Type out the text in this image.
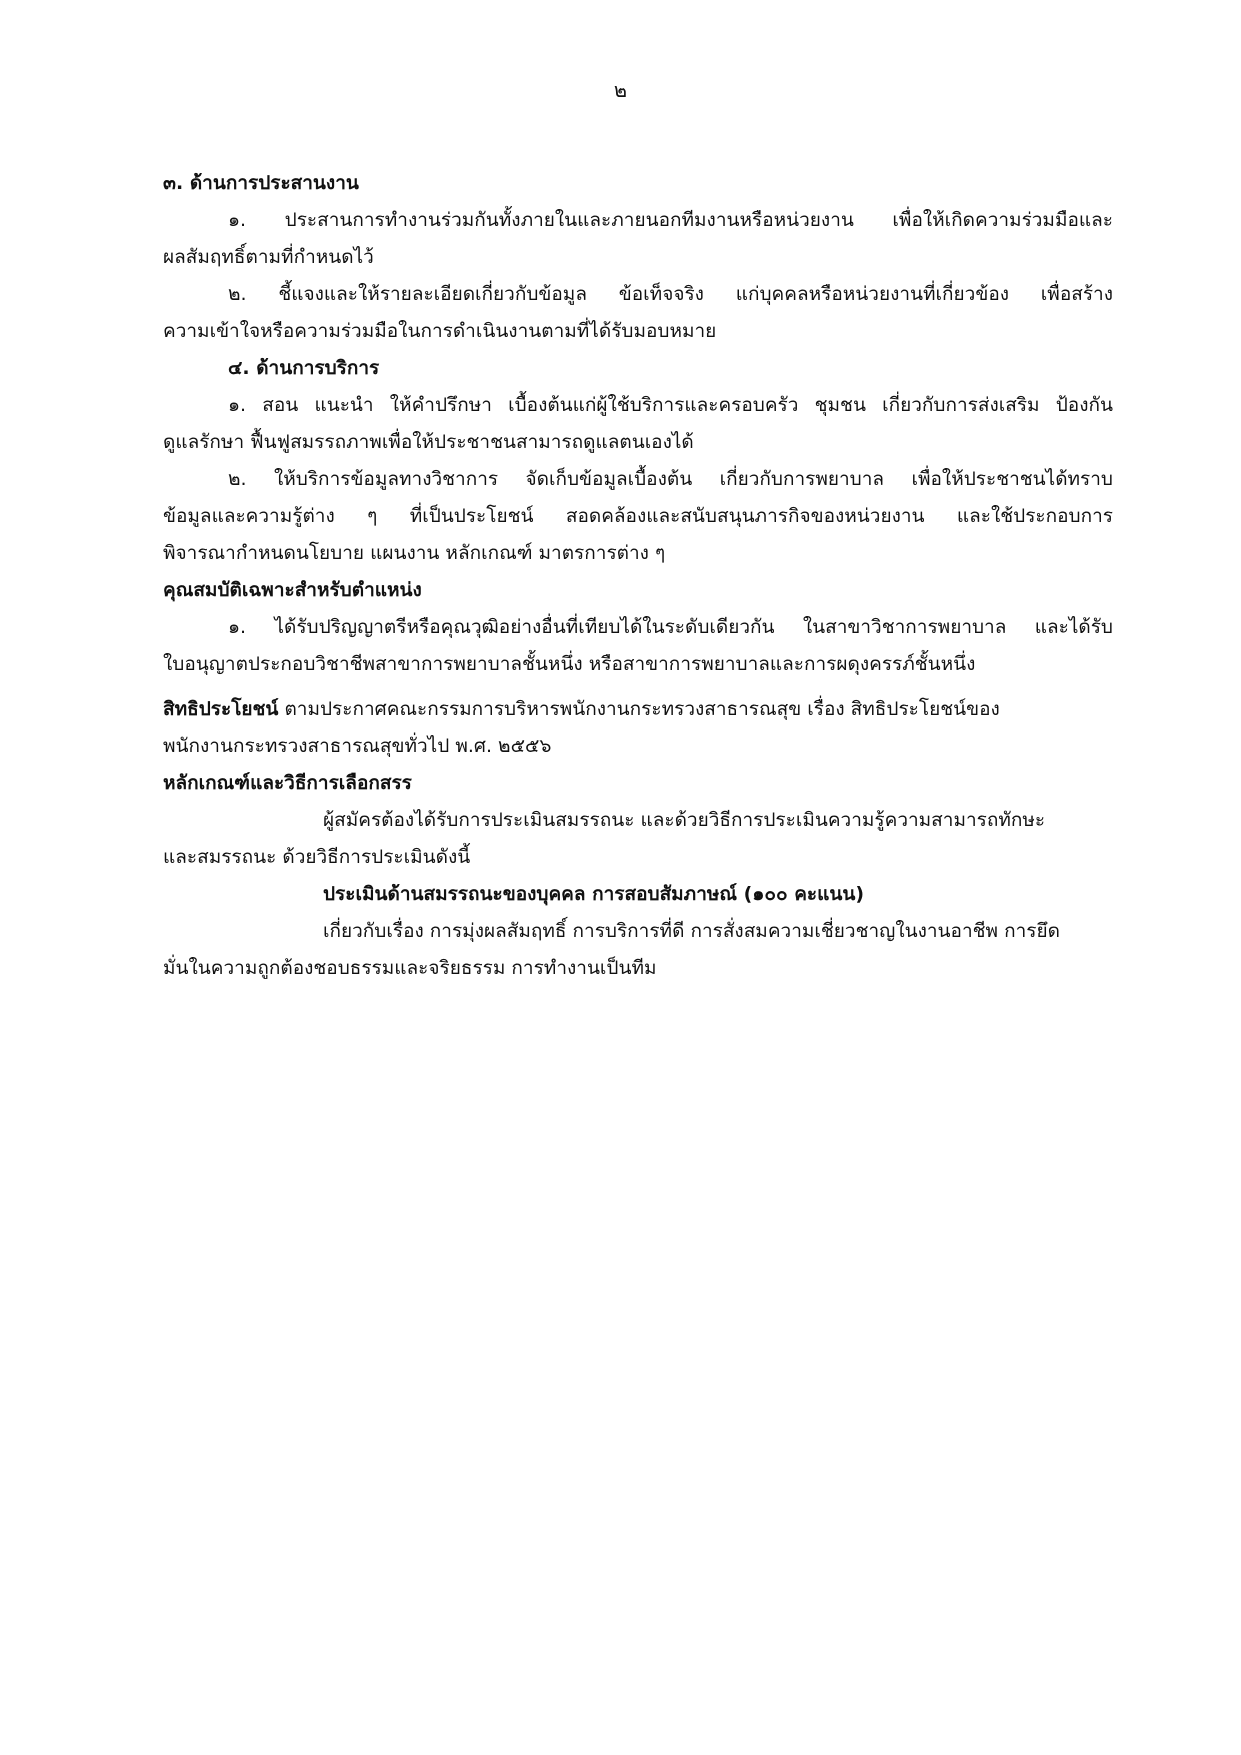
๒
๓. ด้านการประสานงาน
๑. ประสานการทำงานร่วมกันทั้งภายในและภายนอกทีมงานหรือหน่วยงาน เพื่อให้เกิดความร่วมมือและ
ผลสัมฤทธิ์ตามที่กำหนดไว้
๒. ชี้แจงและให้รายละเอียดเกี่ยวกับข้อมูล ข้อเท็จจริง แก่บุคคลหรือหน่วยงานที่เกี่ยวข้อง เพื่อสร้าง
ความเข้าใจหรือความร่วมมือในการดำเนินงานตามที่ได้รับมอบหมาย
๔. ด้านการบริการ
๑. สอน แนะนำ ให้คำปรึกษา เบื้องต้นแก่ผู้ใช้บริการและครอบครัว ชุมชน เกี่ยวกับการส่งเสริม ป้องกัน
ดูแลรักษา ฟื้นฟูสมรรถภาพเพื่อให้ประชาชนสามารถดูแลตนเองได้
๒. ให้บริการข้อมูลทางวิชาการ จัดเก็บข้อมูลเบื้องต้น เกี่ยวกับการพยาบาล เพื่อให้ประชาชนได้ทราบ
ข้อมูลและความรู้ต่าง ๆ ที่เป็นประโยชน์ สอดคล้องและสนับสนุนภารกิจของหน่วยงาน และใช้ประกอบการ
พิจารณากำหนดนโยบาย แผนงาน หลักเกณฑ์ มาตรการต่าง ๆ
คุณสมบัติเฉพาะสำหรับตำแหน่ง
๑. ได้รับปริญญาตรีหรือคุณวุฒิอย่างอื่นที่เทียบได้ในระดับเดียวกัน ในสาขาวิชาการพยาบาล และได้รับ
ใบอนุญาตประกอบวิชาชีพสาขาการพยาบาลชั้นหนึ่ง หรือสาขาการพยาบาลและการผดุงครรภ์ชั้นหนึ่ง
สิทธิประโยชน์ ตามประกาศคณะกรรมการบริหารพนักงานกระทรวงสาธารณสุข เรื่อง สิทธิประโยชน์ของ
พนักงานกระทรวงสาธารณสุขทั่วไป พ.ศ. ๒๕๕๖
หลักเกณฑ์และวิธีการเลือกสรร
ผู้สมัครต้องได้รับการประเมินสมรรถนะ และด้วยวิธีการประเมินความรู้ความสามารถทักษะ
และสมรรถนะ ด้วยวิธีการประเมินดังนี้
ประเมินด้านสมรรถนะของบุคคล การสอบสัมภาษณ์ (๑๐๐ คะแนน)
เกี่ยวกับเรื่อง การมุ่งผลสัมฤทธิ์ การบริการที่ดี การสั่งสมความเชี่ยวชาญในงานอาชีพ การยึด
มั่นในความถูกต้องชอบธรรมและจริยธรรม การทำงานเป็นทีม
